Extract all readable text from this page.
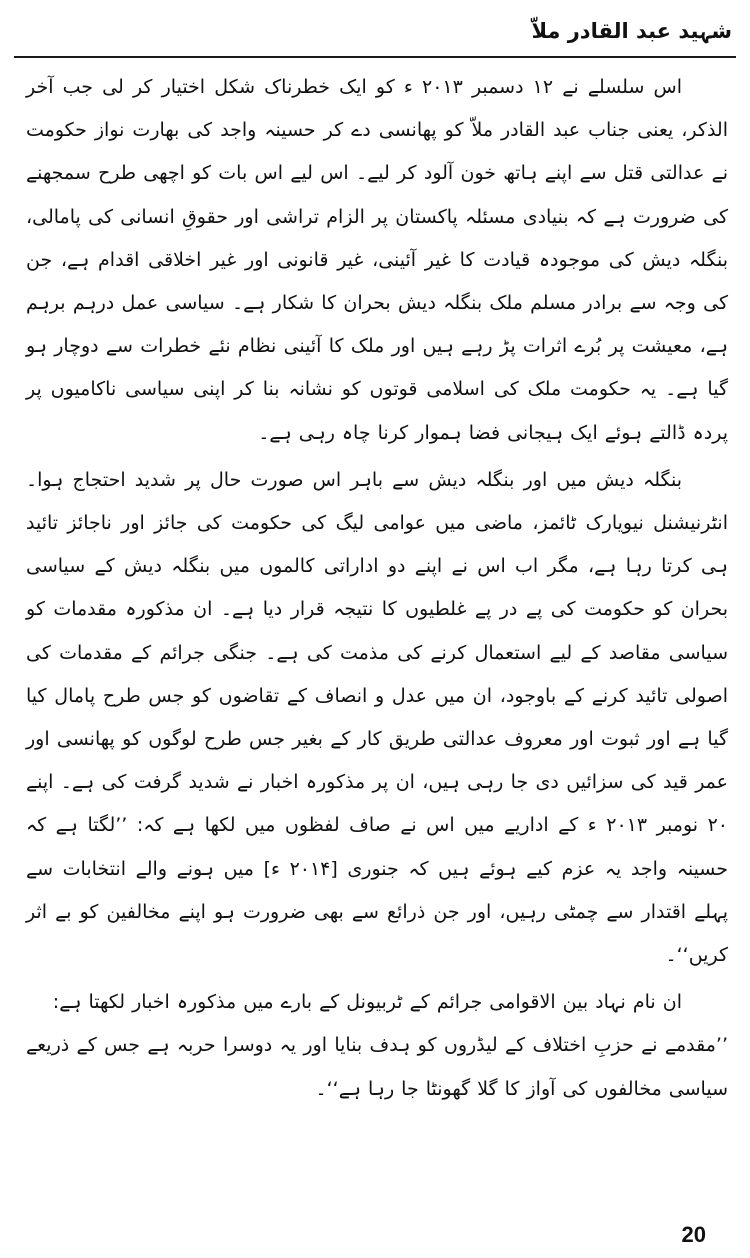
شہید عبد القادر ملاّ

اس سلسلے نے ۱۲ دسمبر ۲۰۱۳ ء کو ایک خطرناک شکل اختیار کر لی جب آخر الذکر، یعنی جناب عبد القادر ملاّ کو پھانسی دے کر حسینہ واجد کی بھارت نواز حکومت نے عدالتی قتل سے اپنے ہاتھ خون آلود کر لیے۔ اس لیے اس بات کو اچھی طرح سمجھنے کی ضرورت ہے کہ بنیادی مسئلہ پاکستان پر الزام تراشی اور حقوقِ انسانی کی پامالی، بنگلہ دیش کی موجودہ قیادت کا غیر آئینی، غیر قانونی اور غیر اخلاقی اقدام ہے، جن کی وجہ سے برادر مسلم ملک بنگلہ دیش بحران کا شکار ہے۔ سیاسی عمل درہم برہم ہے، معیشت پر بُرے اثرات پڑ رہے ہیں اور ملک کا آئینی نظام نئے خطرات سے دوچار ہو گیا ہے۔ یہ حکومت ملک کی اسلامی قوتوں کو نشانہ بنا کر اپنی سیاسی ناکامیوں پر پردہ ڈالتے ہوئے ایک ہیجانی فضا ہموار کرنا چاہ رہی ہے۔

بنگلہ دیش میں اور بنگلہ دیش سے باہر اس صورت حال پر شدید احتجاج ہوا۔ انٹرنیشنل نیویارک ٹائمز، ماضی میں عوامی لیگ کی حکومت کی جائز اور ناجائز تائید ہی کرتا رہا ہے، مگر اب اس نے اپنے دو اداراتی کالموں میں بنگلہ دیش کے سیاسی بحران کو حکومت کی پے در پے غلطیوں کا نتیجہ قرار دیا ہے۔ ان مذکورہ مقدمات کو سیاسی مقاصد کے لیے استعمال کرنے کی مذمت کی ہے۔ جنگی جرائم کے مقدمات کی اصولی تائید کرنے کے باوجود، ان میں عدل و انصاف کے تقاضوں کو جس طرح پامال کیا گیا ہے اور ثبوت اور معروف عدالتی طریق کار کے بغیر جس طرح لوگوں کو پھانسی اور عمر قید کی سزائیں دی جا رہی ہیں، ان پر مذکورہ اخبار نے شدید گرفت کی ہے۔ اپنے ۲۰ نومبر ۲۰۱۳ ء کے اداریے میں اس نے صاف لفظوں میں لکھا ہے کہ: ’’لگتا ہے کہ حسینہ واجد یہ عزم کیے ہوئے ہیں کہ جنوری [۲۰۱۴ ء] میں ہونے والے انتخابات سے پہلے اقتدار سے چمٹی رہیں، اور جن ذرائع سے بھی ضرورت ہو اپنے مخالفین کو بے اثر کریں‘‘۔

ان نام نہاد بین الاقوامی جرائم کے ٹربیونل کے بارے میں مذکورہ اخبار لکھتا ہے:

’’مقدمے نے حزبِ اختلاف کے لیڈروں کو ہدف بنایا اور یہ دوسرا حربہ ہے جس کے ذریعے سیاسی مخالفوں کی آواز کا گلا گھونٹا جا رہا ہے‘‘۔

20
